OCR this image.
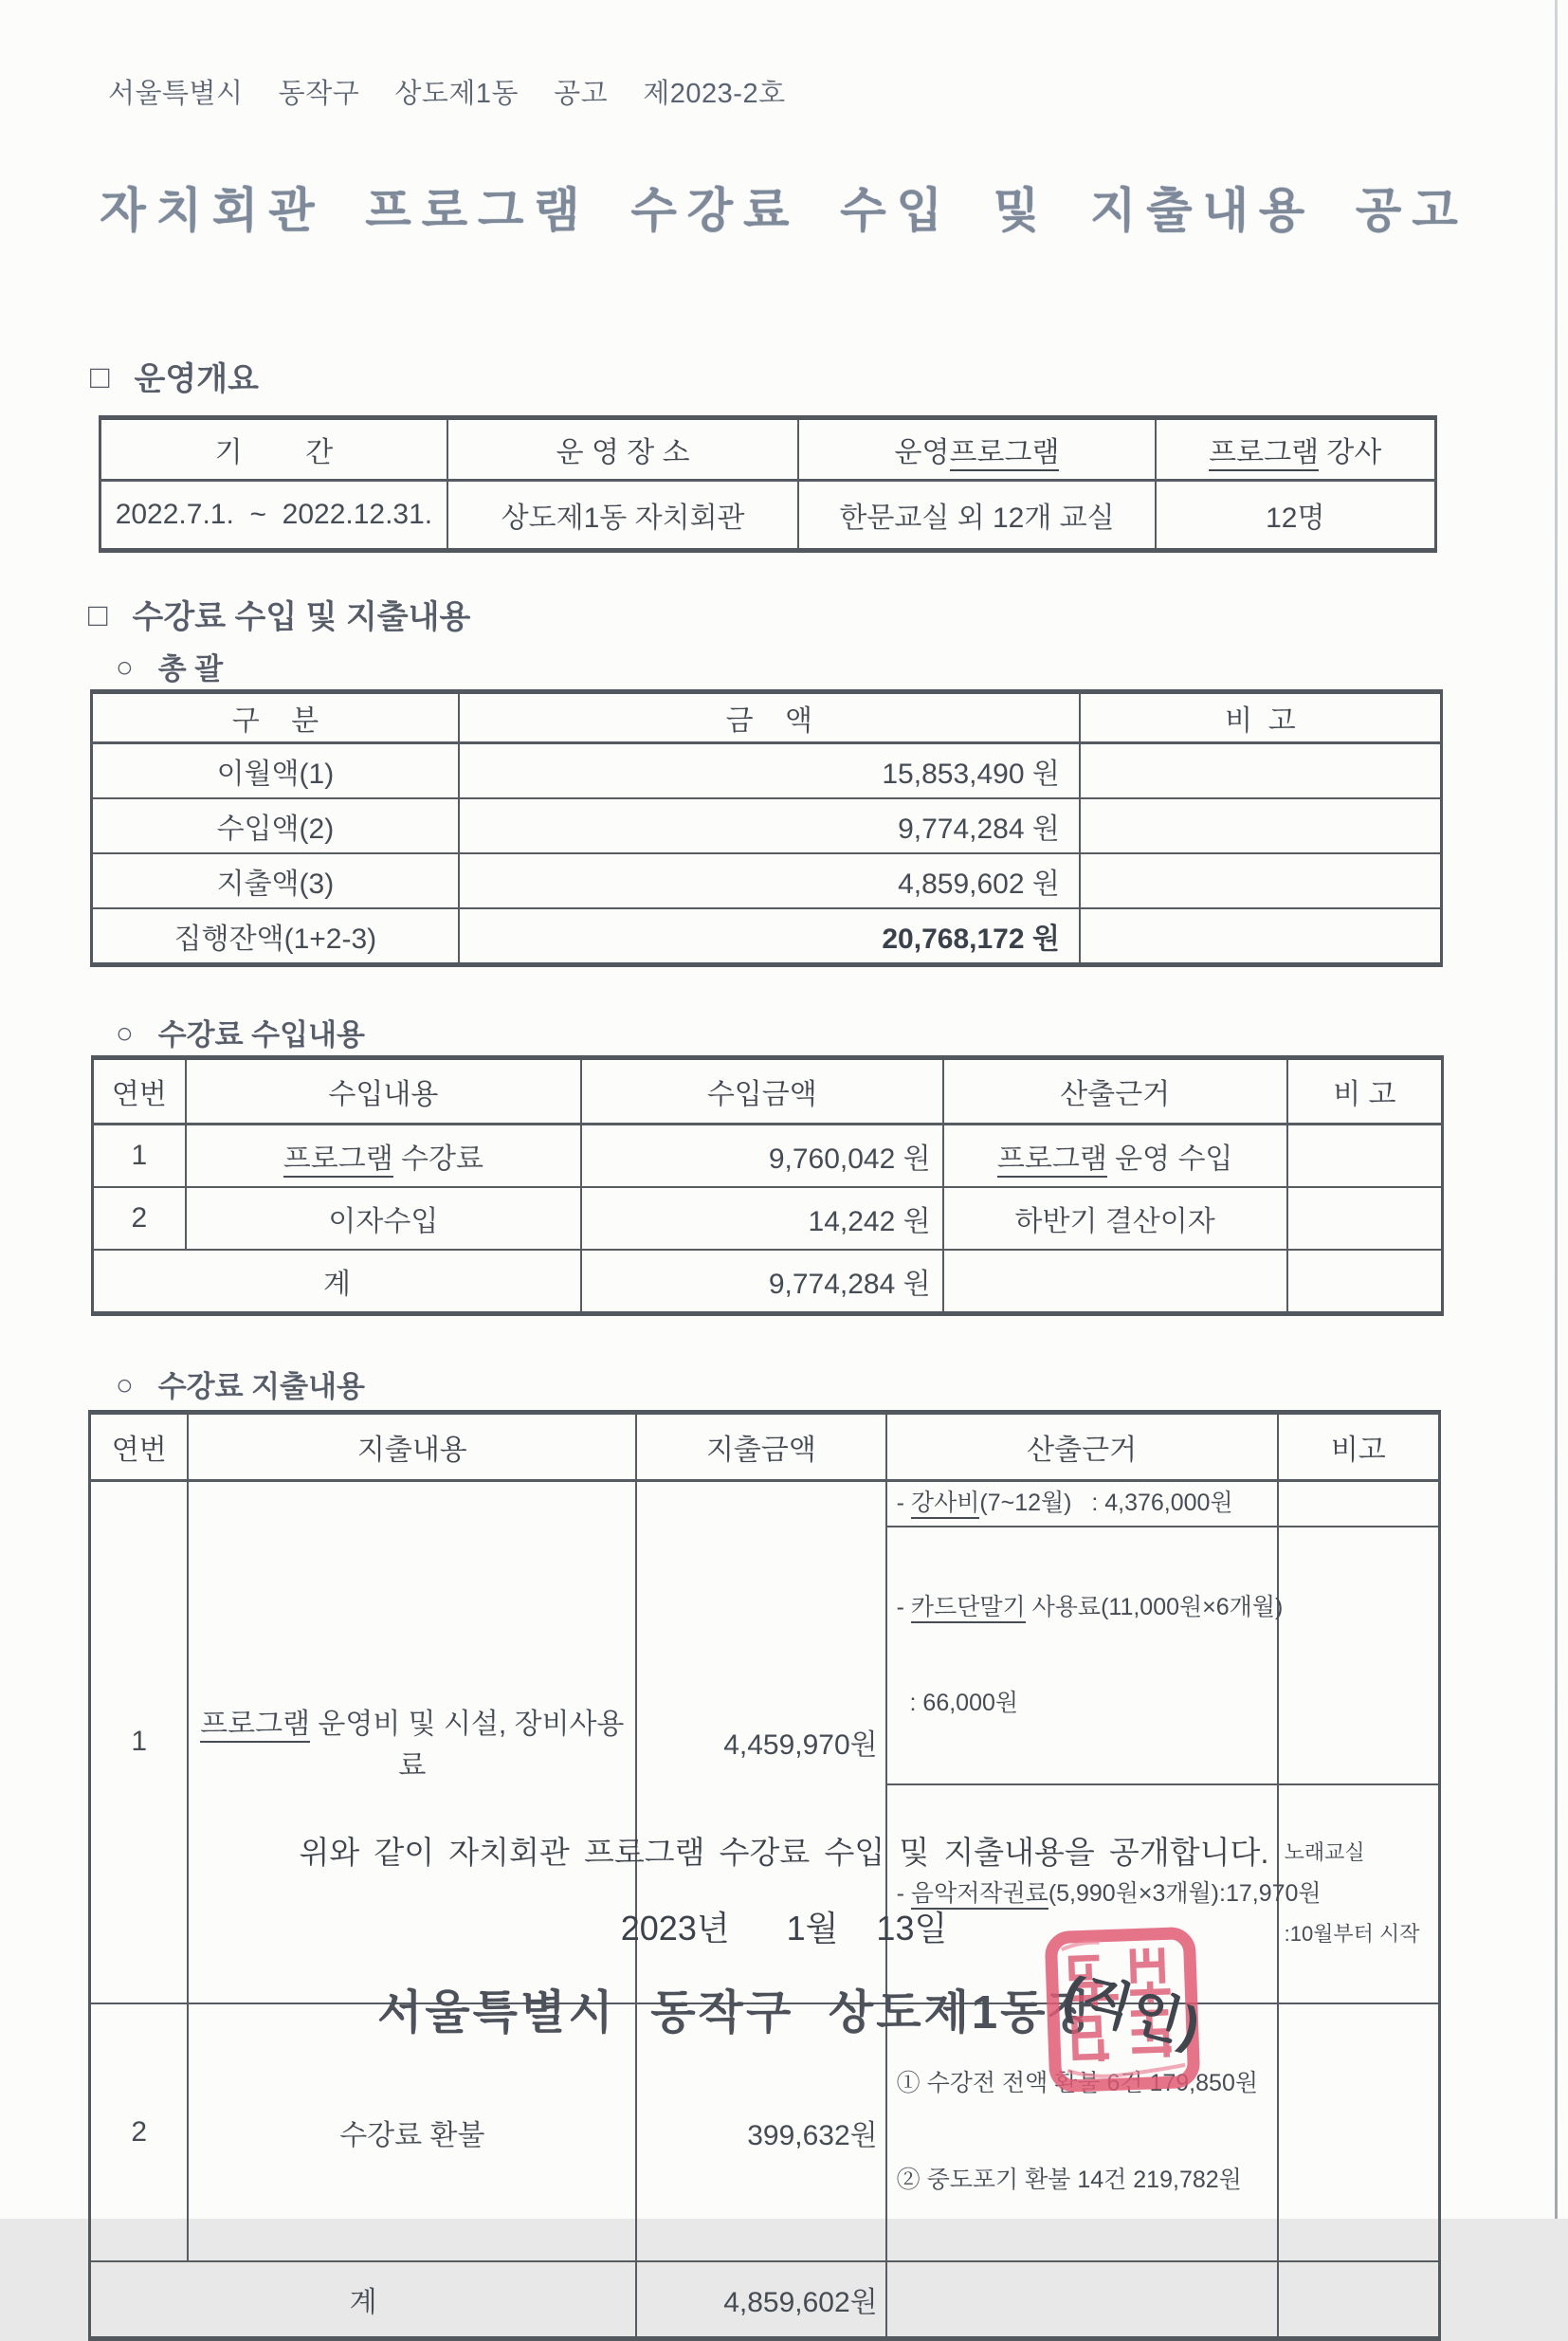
서울특별시  동작구  상도제1동  공고  제2023-2호
자치회관 프로그램 수강료 수입 및 지출내용 공고
□ 운영개요
기        간	운 영 장 소	운영프로그램	프로그램 강사
2022.7.1.  ~  2022.12.31.	상도제1동 자치회관	한문교실 외 12개 교실	12명
□ 수강료 수입 및 지출내용
○ 총 괄
구    분	금    액	비  고
이월액(1)	15,853,490 원	
수입액(2)	9,774,284 원	
지출액(3)	4,859,602 원	
집행잔액(1+2-3)	20,768,172 원	
○ 수강료 수입내용
연번	수입내용	수입금액	산출근거	비 고
1	프로그램 수강료	9,760,042 원	프로그램 운영 수입	
2	이자수입	14,242 원	하반기 결산이자	
계		9,774,284 원		
○ 수강료 지출내용
연번	지출내용	지출금액	산출근거	비고
1	프로그램 운영비 및 시설, 장비사용료	4,459,970원	- 강사비(7~12월)   : 4,376,000원	

			- 카드단말기 사용료(11,000원×6개월)

: 66,000원	

			- 음악저작권료(5,990원×3개월):17,970원	노래교실

:10월부터 시작

2	수강료 환불	399,632원	① 수강전 전액 환불 6건 179,850원

② 중도포기 환불 14건 219,782원	

계		4,859,602원		
위와 같이 자치회관 프로그램 수강료 수입 및 지출내용을 공개합니다.
2023년      1월    13일
서울특별시 동작구 상도제1동장
(직인)
